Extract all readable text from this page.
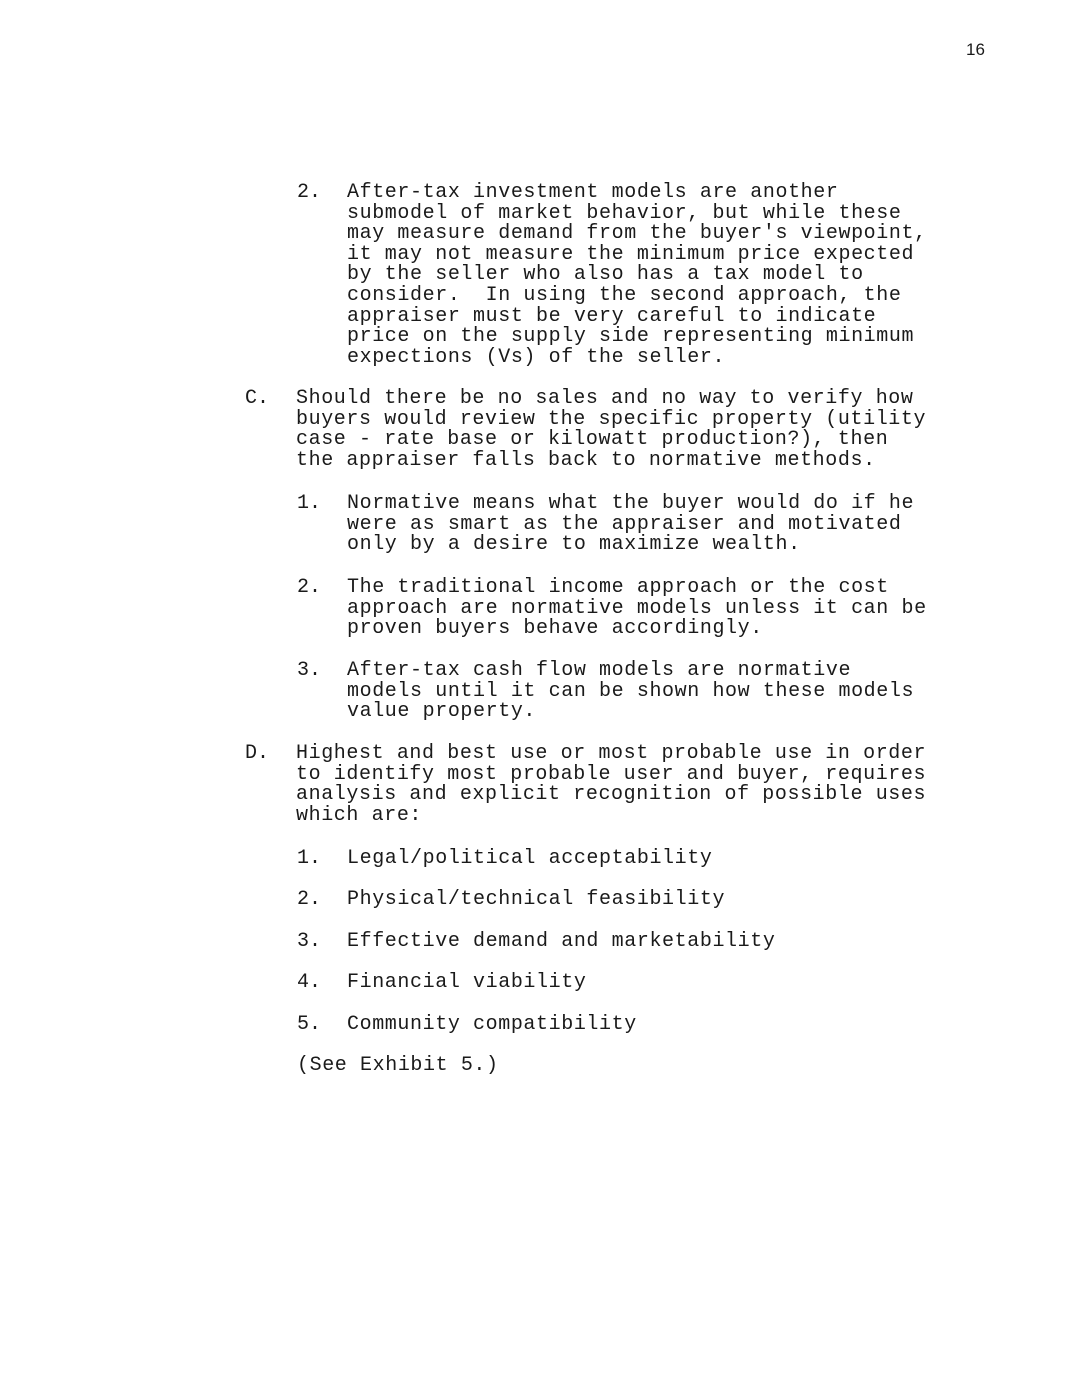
16
2. After-tax investment models are another
submodel of market behavior, but while these
may measure demand from the buyer's viewpoint,
it may not measure the minimum price expected
by the seller who also has a tax model to
consider.  In using the second approach, the
appraiser must be very careful to indicate
price on the supply side representing minimum
expections (Vs) of the seller.
C. Should there be no sales and no way to verify how
buyers would review the specific property (utility
case - rate base or kilowatt production?), then
the appraiser falls back to normative methods.
1. Normative means what the buyer would do if he
were as smart as the appraiser and motivated
only by a desire to maximize wealth.
2. The traditional income approach or the cost
approach are normative models unless it can be
proven buyers behave accordingly.
3. After-tax cash flow models are normative
models until it can be shown how these models
value property.
D. Highest and best use or most probable use in order
to identify most probable user and buyer, requires
analysis and explicit recognition of possible uses
which are:
1. Legal/political acceptability
2. Physical/technical feasibility
3. Effective demand and marketability
4. Financial viability
5. Community compatibility
(See Exhibit 5.)
